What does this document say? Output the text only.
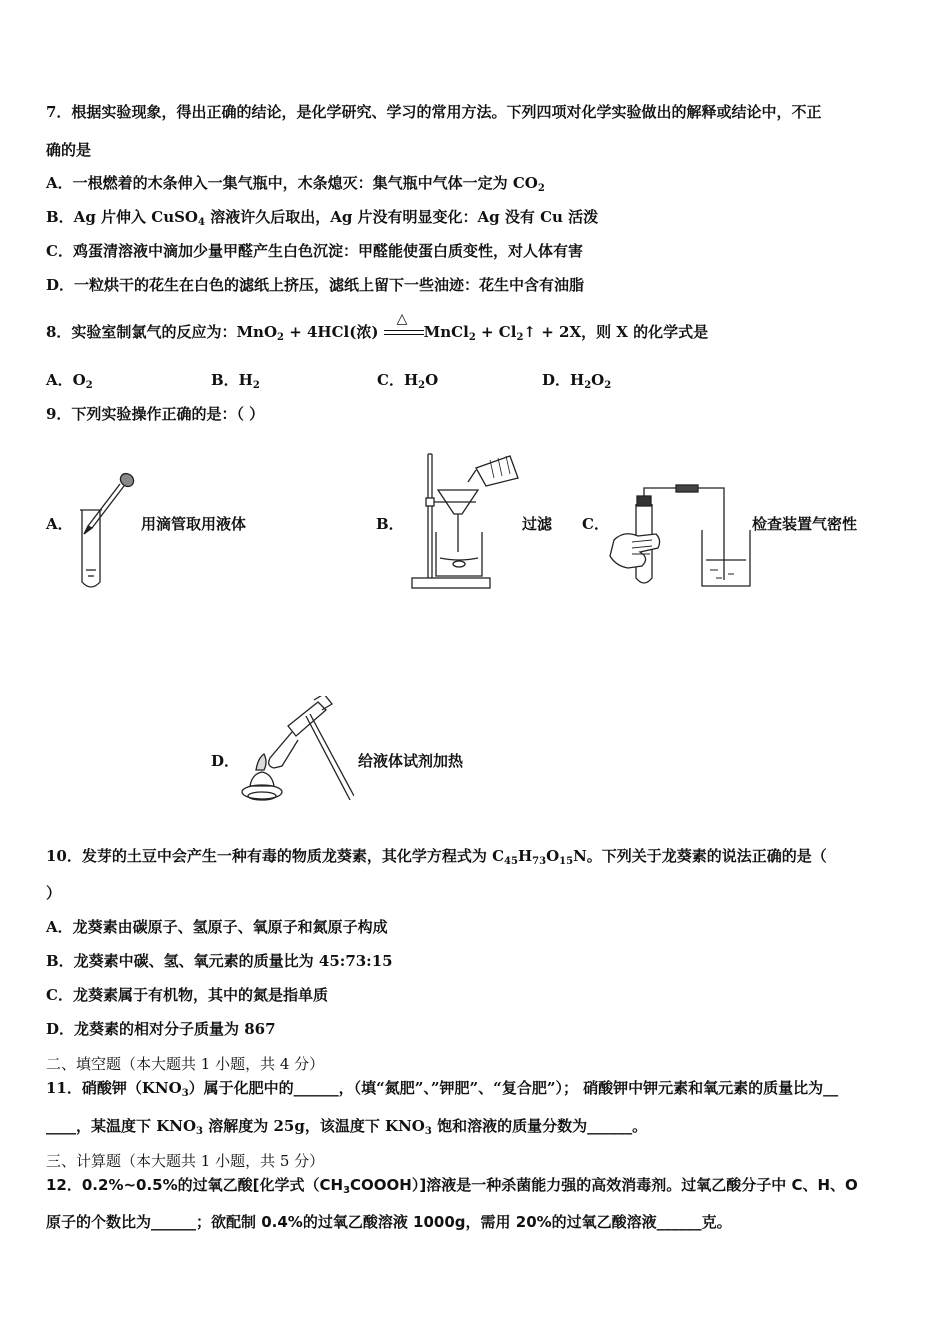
7．根据实验现象，得出正确的结论，是化学研究、学习的常用方法。下列四项对化学实验做出的解释或结论中，不正
确的是
A．一根燃着的木条伸入一集气瓶中，木条熄灭：集气瓶中气体一定为 $CO_2$
B．Ag 片伸入 CuSO$_4$ 溶液许久后取出，Ag 片没有明显变化：Ag 没有 Cu 活泼
C．鸡蛋清溶液中滴加少量甲醛产生白色沉淀：甲醛能使蛋白质变性，对人体有害
D．一粒烘干的花生在白色的滤纸上挤压，滤纸上留下一些油迹：花生中含有油脂
8．实验室制氯气的反应为：MnO$_2$ + 4HCl(浓)
△
MnCl$_2$ + $Cl_2↑ + 2X$，则 X 的化学式是
A．$O_2$	B．$H_2$	C．$H_2O$	D．$H_2O_2$
9．下列实验操作正确的是：（ ）
A．	用滴管取用液体	B．	过滤 C．	检查装置气密性
D．	给液体试剂加热
10．发芽的土豆中会产生一种有毒的物质龙葵素，其化学方程式为 $C_{45}H_{73}O_{15}N$。下列关于龙葵素的说法正确的是（
）
A．龙葵素由碳原子、氢原子、氧原子和氮原子构成
B．龙葵素中碳、氢、氧元素的质量比为 45:73:15
C．龙葵素属于有机物，其中的氮是指单质
D．龙葵素的相对分子质量为 867
二、填空题（本大题共 1 小题，共 4 分）
11．硝酸钾$(KNO_3)$属于化肥中的______，（填“氮肥”、”钾肥”、“复合肥”）； 硝酸钾中钾元素和氧元素的质量比为__
____，某温度下 $KNO_3$ 溶解度为 25g，该温度下 $KNO_3$ 饱和溶液的质量分数为______。
三、计算题（本大题共 1 小题，共 5 分）
12．0.2%~0.5%的过氧乙酸[化学式$(CH_3COOOH)$]溶液是一种杀菌能力强的高效消毒剂。过氧乙酸分子中 C、H、O
原子的个数比为______；欲配制 0.4%的过氧乙酸溶液 1000g，需用 20%的过氧乙酸溶液______克。
